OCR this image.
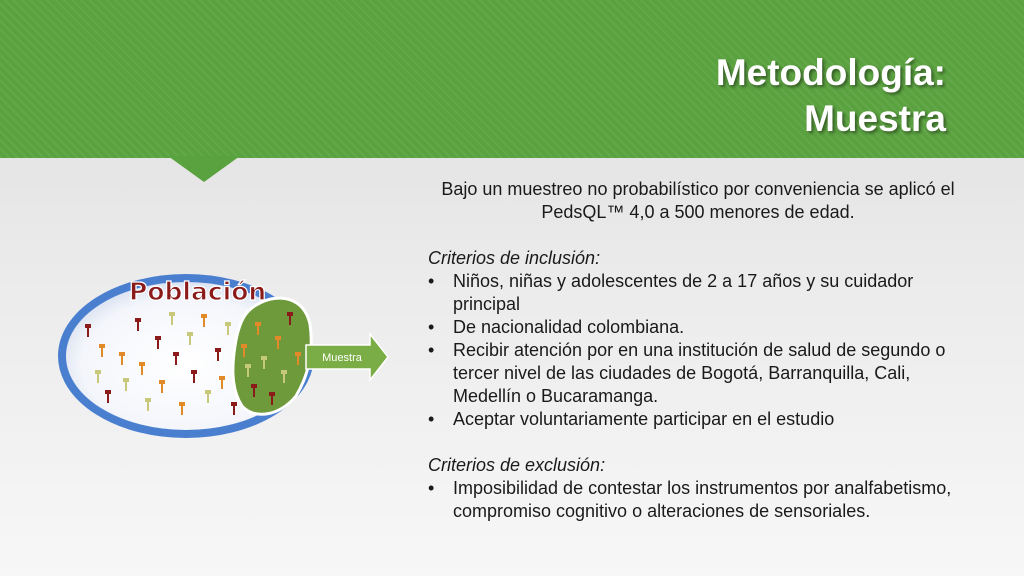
Metodología:
Muestra
Población
Muestra

Bajo un muestreo no probabilístico por conveniencia se aplicó el PedsQL™ 4,0 a 500 menores de edad.

Criterios de inclusión:

• Niños, niñas y adolescentes de 2 a 17 años y su cuidador principal
• De nacionalidad colombiana.
• Recibir atención por en una institución de salud de segundo o tercer nivel de las ciudades de Bogotá, Barranquilla, Cali, Medellín o Bucaramanga.
• Aceptar voluntariamente participar en el estudio

Criterios de exclusión:

• Imposibilidad de contestar los instrumentos por analfabetismo, compromiso cognitivo o alteraciones de sensoriales.
